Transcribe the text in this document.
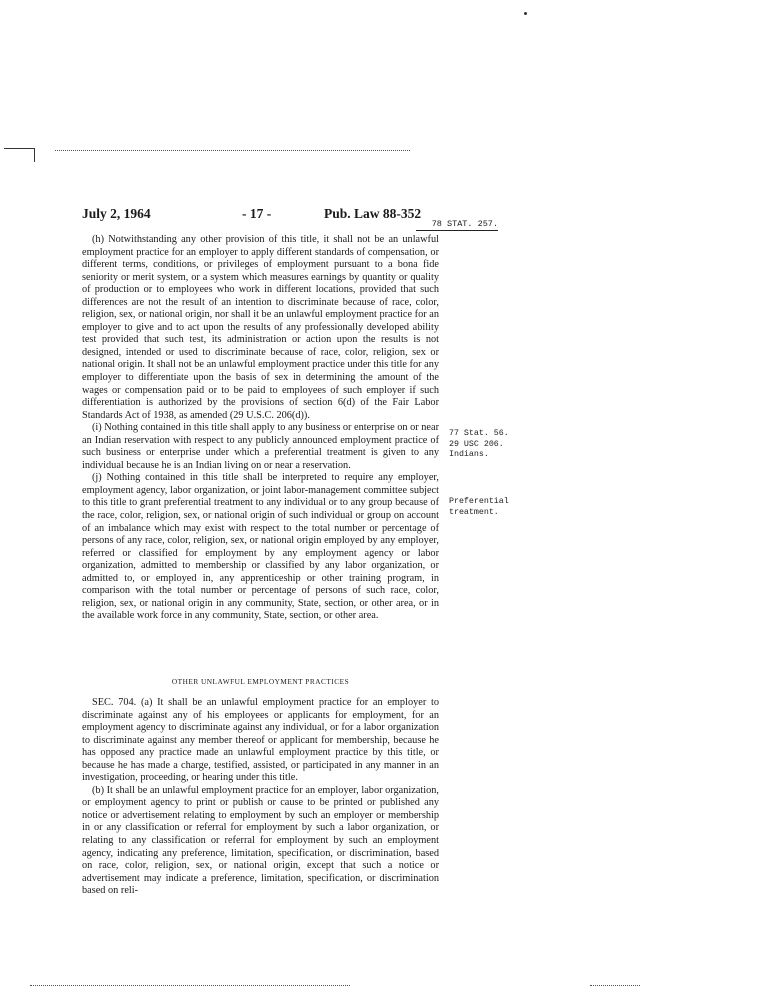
July 2, 1964	- 17 -	Pub. Law 88-352
78 STAT. 257.

(h) Notwithstanding any other provision of this title, it shall not be an unlawful employment practice for an employer to apply different standards of compensation, or different terms, conditions, or privileges of employment pursuant to a bona fide seniority or merit system, or a system which measures earnings by quantity or quality of production or to employees who work in different locations, provided that such differences are not the result of an intention to discriminate because of race, color, religion, sex, or national origin, nor shall it be an unlawful employment practice for an employer to give and to act upon the results of any professionally developed ability test provided that such test, its administration or action upon the results is not designed, intended or used to discriminate because of race, color, religion, sex or national origin. It shall not be an unlawful employment practice under this title for any employer to differentiate upon the basis of sex in determining the amount of the wages or compensation paid or to be paid to employees of such employer if such differentiation is authorized by the provisions of section 6(d) of the Fair Labor Standards Act of 1938, as amended (29 U.S.C. 206(d)).

(i) Nothing contained in this title shall apply to any business or enterprise on or near an Indian reservation with respect to any publicly announced employment practice of such business or enterprise under which a preferential treatment is given to any individual because he is an Indian living on or near a reservation.

(j) Nothing contained in this title shall be interpreted to require any employer, employment agency, labor organization, or joint labor-management committee subject to this title to grant preferential treatment to any individual or to any group because of the race, color, religion, sex, or national origin of such individual or group on account of an imbalance which may exist with respect to the total number or percentage of persons of any race, color, religion, sex, or national origin employed by any employer, referred or classified for employment by any employment agency or labor organization, admitted to membership or classified by any labor organization, or admitted to, or employed in, any apprenticeship or other training program, in comparison with the total number or percentage of persons of such race, color, religion, sex, or national origin in any community, State, section, or other area, or in the available work force in any community, State, section, or other area.

OTHER UNLAWFUL EMPLOYMENT PRACTICES

SEC. 704. (a) It shall be an unlawful employment practice for an employer to discriminate against any of his employees or applicants for employment, for an employment agency to discriminate against any individual, or for a labor organization to discriminate against any member thereof or applicant for membership, because he has opposed any practice made an unlawful employment practice by this title, or because he has made a charge, testified, assisted, or participated in any manner in an investigation, proceeding, or hearing under this title.

(b) It shall be an unlawful employment practice for an employer, labor organization, or employment agency to print or publish or cause to be printed or published any notice or advertisement relating to employment by such an employer or membership in or any classification or referral for employment by such a labor organization, or relating to any classification or referral for employment by such an employment agency, indicating any preference, limitation, specification, or discrimination, based on race, color, religion, sex, or national origin, except that such a notice or advertisement may indicate a preference, limitation, specification, or discrimination based on reli-

77 Stat. 56.
29 USC 206.
Indians.
Preferential
treatment.
